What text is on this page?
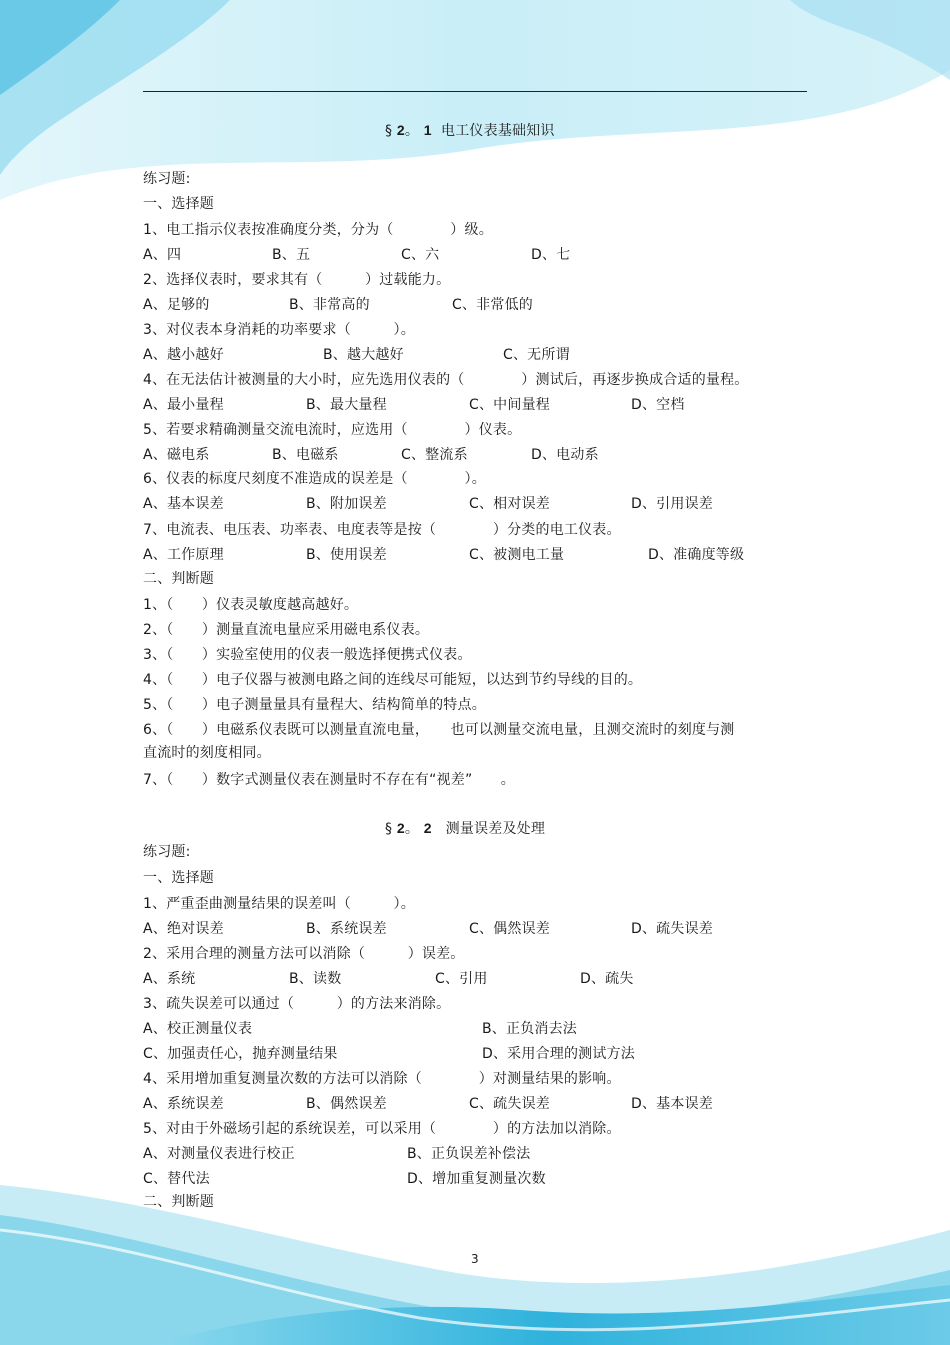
§ 2。 1 电工仪表基础知识
练习题:
一、选择题
1、电工指示仪表按准确度分类，分为（　　　　）级。
A、四	B、五	C、六	D、七
2、选择仪表时，要求其有（　　　）过载能力。
A、足够的	B、非常高的	C、非常低的
3、对仪表本身消耗的功率要求（　　　）。
A、越小越好	B、越大越好	C、无所谓
4、在无法估计被测量的大小时，应先选用仪表的（　　　　）测试后，再逐步换成合适的量程。
A、最小量程	B、最大量程	C、中间量程	D、空档
5、若要求精确测量交流电流时，应选用（　　　　）仪表。
A、磁电系	B、电磁系	C、整流系	D、电动系
6、仪表的标度尺刻度不准造成的误差是（　　　　）。
A、基本误差	B、附加误差	C、相对误差	D、引用误差
7、电流表、电压表、功率表、电度表等是按（　　　　）分类的电工仪表。
A、工作原理	B、使用误差	C、被测电工量	D、准确度等级
二、判断题
1、（　　）仪表灵敏度越高越好。
2、（　　）测量直流电量应采用磁电系仪表。
3、（　　）实验室使用的仪表一般选择便携式仪表。
4、（　　）电子仪器与被测电路之间的连线尽可能短，以达到节约导线的目的。
5、（　　）电子测量量具有量程大、结构简单的特点。
6、（　　）电磁系仪表既可以测量直流电量，　　也可以测量交流电量，且测交流时的刻度与测
直流时的刻度相同。
7、（　　）数字式测量仪表在测量时不存在有“视差”　　。
§ 2。 2 测量误差及处理
练习题:
一、选择题
1、严重歪曲测量结果的误差叫（　　　）。
A、绝对误差	B、系统误差	C、偶然误差	D、疏失误差
2、采用合理的测量方法可以消除（　　　）误差。
A、系统	B、读数	C、引用	D、疏失
3、疏失误差可以通过（　　　）的方法来消除。
A、校正测量仪表	B、正负消去法
C、加强责任心，抛弃测量结果	D、采用合理的测试方法
4、采用增加重复测量次数的方法可以消除（　　　　）对测量结果的影响。
A、系统误差	B、偶然误差	C、疏失误差	D、基本误差
5、对由于外磁场引起的系统误差，可以采用（　　　　）的方法加以消除。
A、对测量仪表进行校正	B、正负误差补偿法
C、替代法	D、增加重复测量次数
二、判断题
3
